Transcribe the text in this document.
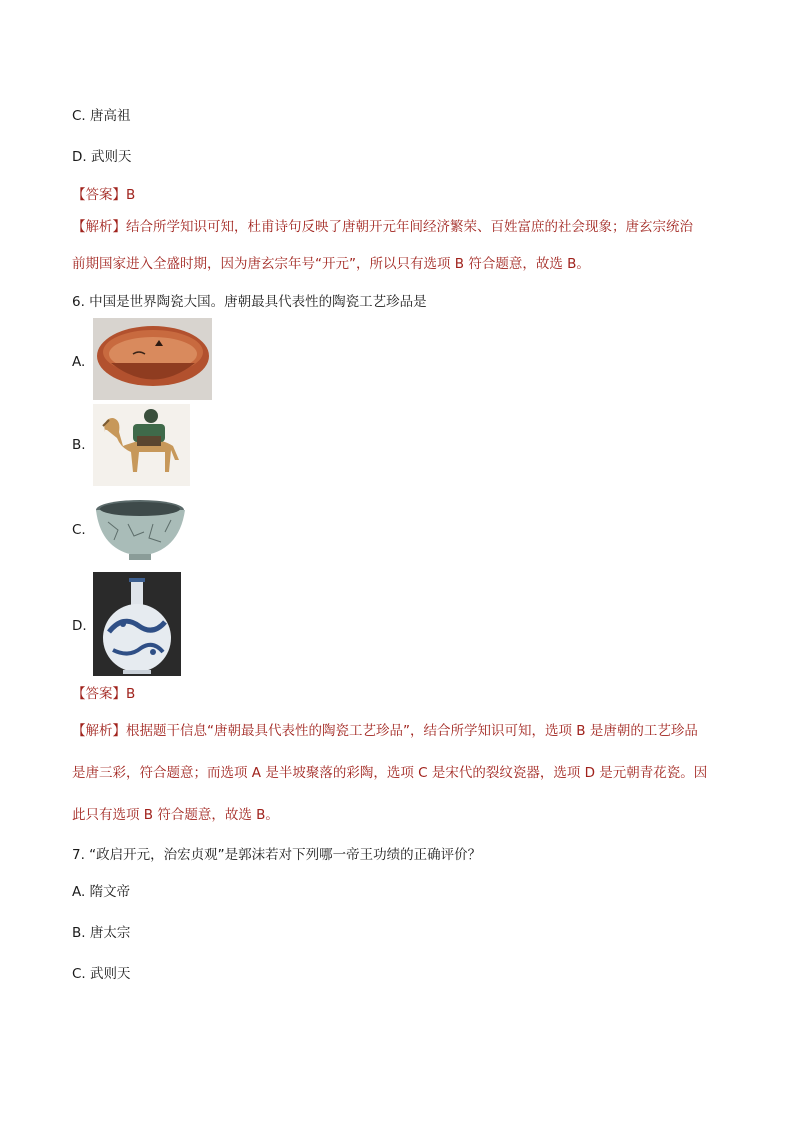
C. 唐高祖
D. 武则天
【答案】B
【解析】结合所学知识可知，杜甫诗句反映了唐朝开元年间经济繁荣、百姓富庶的社会现象；唐玄宗统治
前期国家进入全盛时期，因为唐玄宗年号“开元”，所以只有选项 B 符合题意，故选 B。
6. 中国是世界陶瓷大国。唐朝最具代表性的陶瓷工艺珍品是
A.
B.
C.
D.
【答案】B
【解析】根据题干信息“唐朝最具代表性的陶瓷工艺珍品”，结合所学知识可知，选项 B 是唐朝的工艺珍品
是唐三彩，符合题意；而选项 A 是半坡聚落的彩陶，选项 C 是宋代的裂纹瓷器，选项 D 是元朝青花瓷。因
此只有选项 B 符合题意，故选 B。
7. “政启开元，治宏贞观”是郭沫若对下列哪一帝王功绩的正确评价？
A. 隋文帝
B. 唐太宗
C. 武则天
